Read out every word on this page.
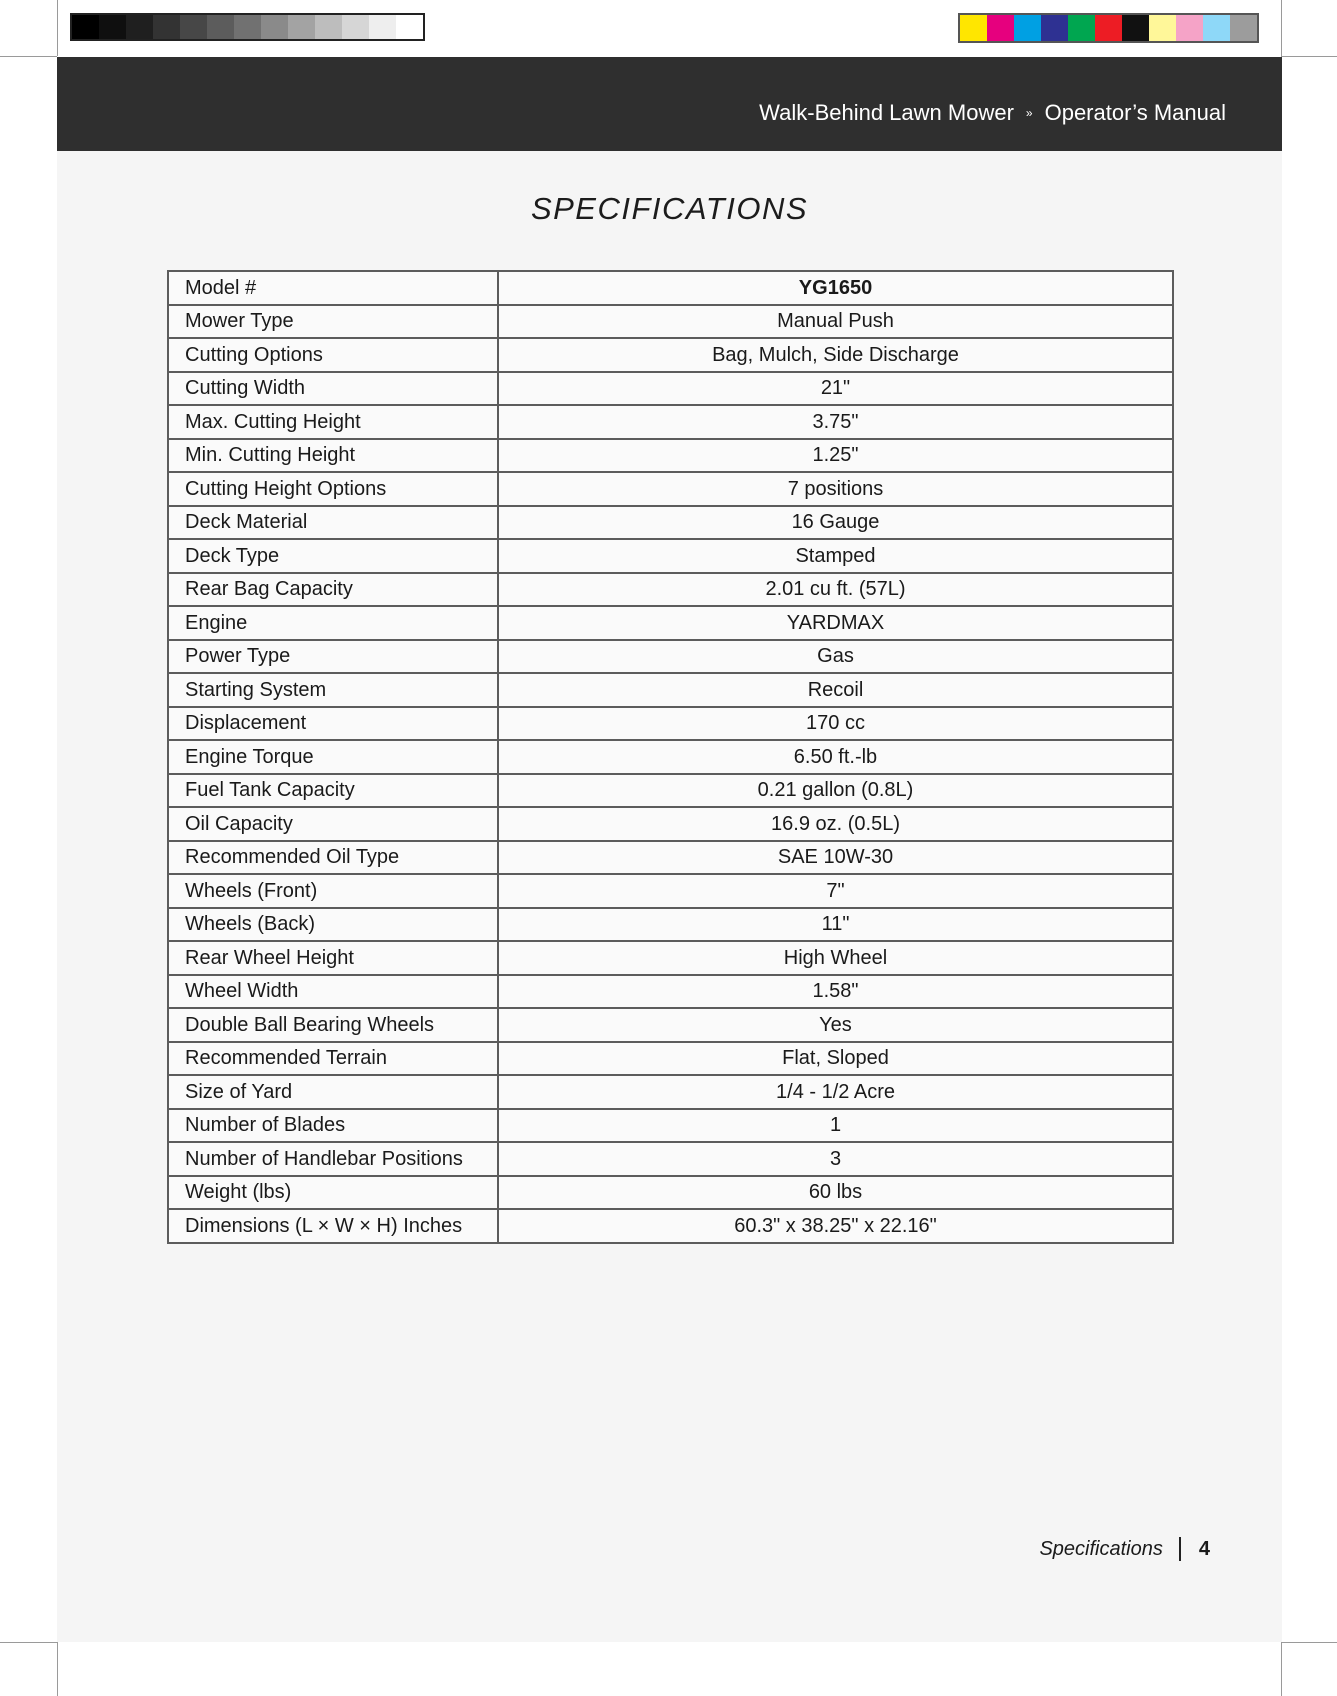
Walk-Behind Lawn Mower » Operator’s Manual
SPECIFICATIONS
Model #	YG1650
Mower Type	Manual Push
Cutting Options	Bag, Mulch, Side Discharge
Cutting Width	21"
Max. Cutting Height	3.75"
Min. Cutting Height	1.25"
Cutting Height Options	7 positions
Deck Material	16 Gauge
Deck Type	Stamped
Rear Bag Capacity	2.01 cu ft. (57L)
Engine	YARDMAX
Power Type	Gas
Starting System	Recoil
Displacement	170 cc
Engine Torque	6.50 ft.-lb
Fuel Tank Capacity	0.21 gallon (0.8L)
Oil Capacity	16.9 oz. (0.5L)
Recommended Oil Type	SAE 10W-30
Wheels (Front)	7"
Wheels (Back)	11"
Rear Wheel Height	High Wheel
Wheel Width	1.58"
Double Ball Bearing Wheels	Yes
Recommended Terrain	Flat, Sloped
Size of Yard	1/4 - 1/2 Acre
Number of Blades	1
Number of Handlebar Positions	3
Weight (lbs)	60 lbs
Dimensions (L × W × H) Inches	60.3" x 38.25" x 22.16"
Specifications 4
